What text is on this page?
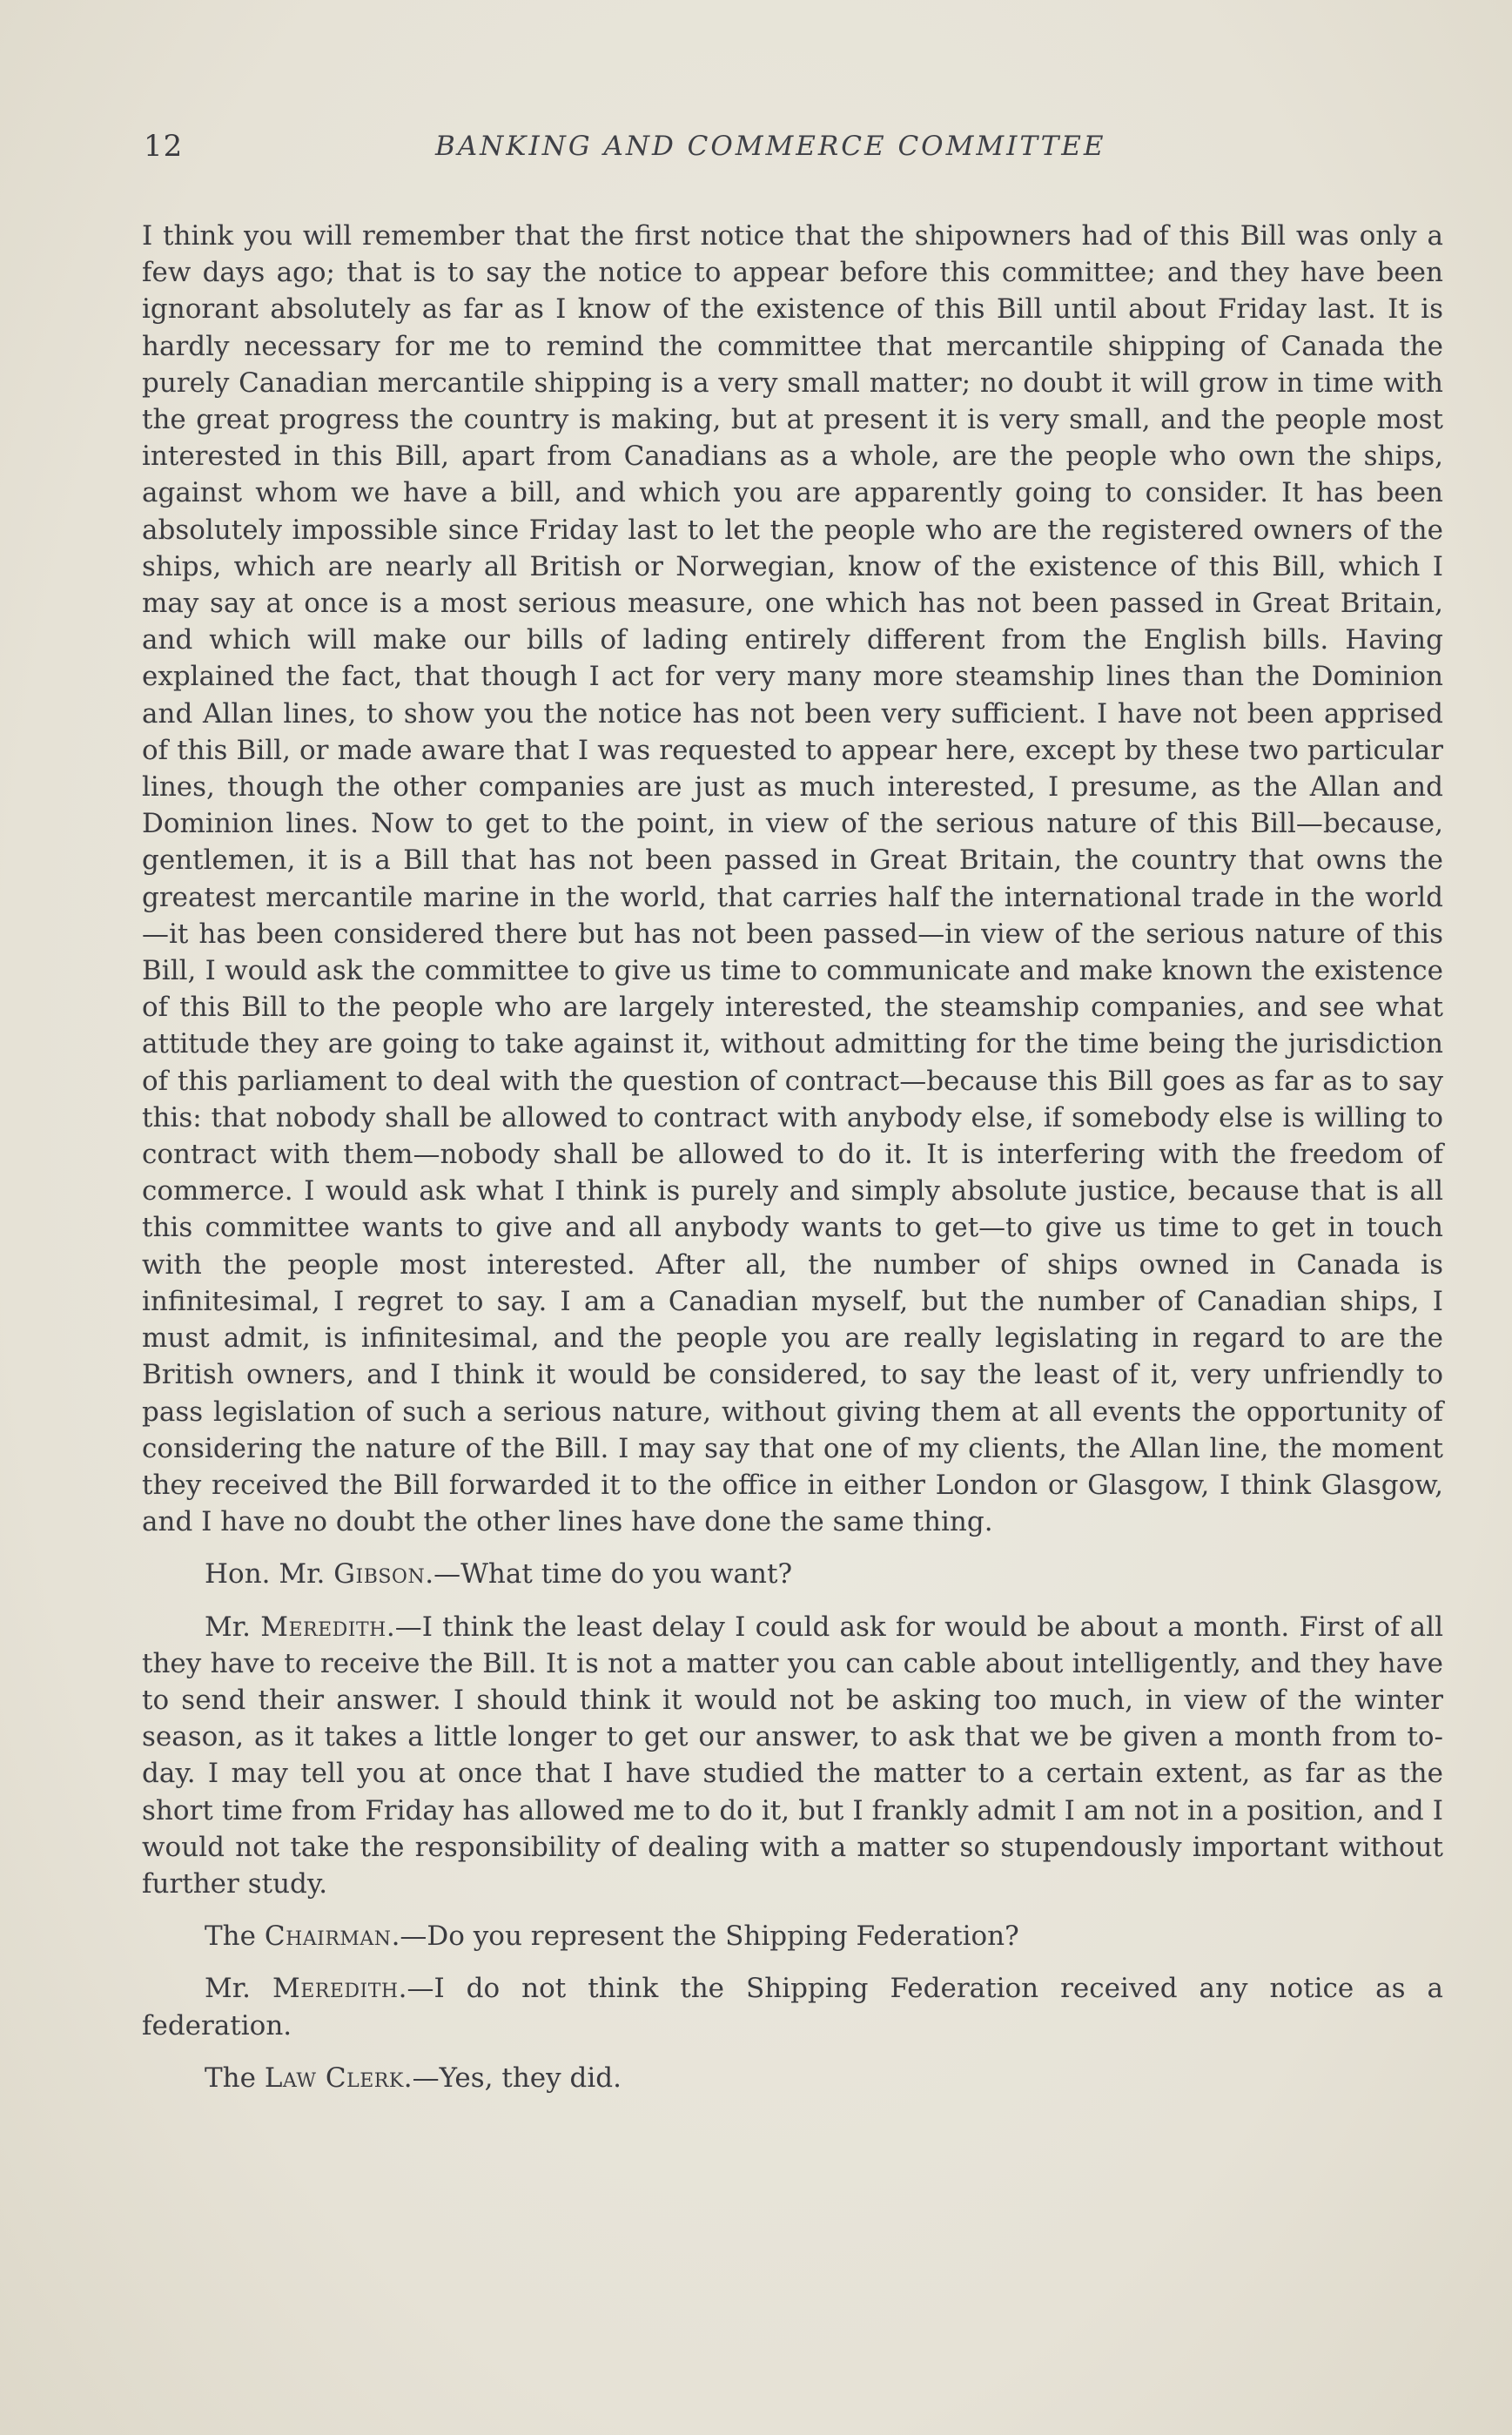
12	BANKING AND COMMERCE COMMITTEE

I think you will remember that the first notice that the shipowners had of this Bill was only a few days ago; that is to say the notice to appear before this committee; and they have been ignorant absolutely as far as I know of the existence of this Bill until about Friday last. It is hardly necessary for me to remind the committee that mercantile shipping of Canada the purely Canadian mercantile shipping is a very small matter; no doubt it will grow in time with the great progress the country is making, but at present it is very small, and the people most interested in this Bill, apart from Canadians as a whole, are the people who own the ships, against whom we have a bill, and which you are apparently going to consider. It has been absolutely impossible since Friday last to let the people who are the registered owners of the ships, which are nearly all British or Norwegian, know of the existence of this Bill, which I may say at once is a most serious measure, one which has not been passed in Great Britain, and which will make our bills of lading entirely different from the English bills. Having explained the fact, that though I act for very many more steamship lines than the Dominion and Allan lines, to show you the notice has not been very sufficient. I have not been apprised of this Bill, or made aware that I was requested to appear here, except by these two particular lines, though the other companies are just as much interested, I presume, as the Allan and Dominion lines. Now to get to the point, in view of the serious nature of this Bill—because, gentlemen, it is a Bill that has not been passed in Great Britain, the country that owns the greatest mercantile marine in the world, that carries half the international trade in the world—it has been considered there but has not been passed—in view of the serious nature of this Bill, I would ask the committee to give us time to communicate and make known the existence of this Bill to the people who are largely interested, the steamship companies, and see what attitude they are going to take against it, without admitting for the time being the jurisdiction of this parliament to deal with the question of contract—because this Bill goes as far as to say this: that nobody shall be allowed to contract with anybody else, if somebody else is willing to contract with them—nobody shall be allowed to do it. It is interfering with the freedom of commerce. I would ask what I think is purely and simply absolute justice, because that is all this committee wants to give and all anybody wants to get—to give us time to get in touch with the people most interested. After all, the number of ships owned in Canada is infinitesimal, I regret to say. I am a Canadian myself, but the number of Canadian ships, I must admit, is infinitesimal, and the people you are really legislating in regard to are the British owners, and I think it would be considered, to say the least of it, very unfriendly to pass legislation of such a serious nature, without giving them at all events the opportunity of considering the nature of the Bill. I may say that one of my clients, the Allan line, the moment they received the Bill forwarded it to the office in either London or Glasgow, I think Glasgow, and I have no doubt the other lines have done the same thing.

Hon. Mr. Gibson.—What time do you want?

Mr. Meredith.—I think the least delay I could ask for would be about a month. First of all they have to receive the Bill. It is not a matter you can cable about intelligently, and they have to send their answer. I should think it would not be asking too much, in view of the winter season, as it takes a little longer to get our answer, to ask that we be given a month from to-day. I may tell you at once that I have studied the matter to a certain extent, as far as the short time from Friday has allowed me to do it, but I frankly admit I am not in a position, and I would not take the responsibility of dealing with a matter so stupendously important without further study.

The Chairman.—Do you represent the Shipping Federation?

Mr. Meredith.—I do not think the Shipping Federation received any notice as a federation.

The Law Clerk.—Yes, they did.
